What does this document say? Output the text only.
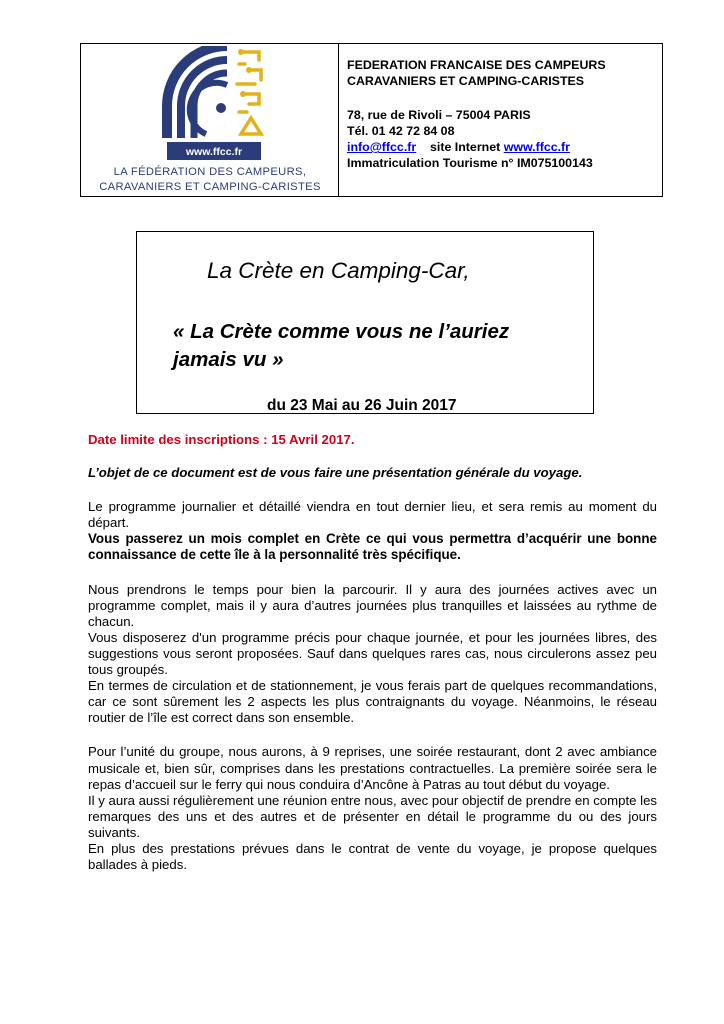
www.ffcc.fr
LA FÉDÉRATION DES CAMPEURS,
CARAVANIERS ET CAMPING-CARISTES
FEDERATION FRANCAISE DES CAMPEURS
CARAVANIERS ET CAMPING-CARISTES
78, rue de Rivoli – 75004 PARIS
Tél. 01 42 72 84 08
info@ffcc.fr site Internet www.ffcc.fr
Immatriculation Tourisme n° IM075100143
La Crète en Camping-Car,
« La Crète comme vous ne l’auriez jamais vu »
du 23 Mai au 26 Juin 2017

Date limite des inscriptions : 15 Avril 2017.

L’objet de ce document est de vous faire une présentation générale du voyage.

Le programme journalier et détaillé viendra en tout dernier lieu, et sera remis au moment du départ.

Vous passerez un mois complet en Crète ce qui vous permettra d’acquérir une bonne connaissance de cette île à la personnalité très spécifique.

Nous prendrons le temps pour bien la parcourir. Il y aura des journées actives avec un programme complet, mais il y aura d’autres journées plus tranquilles et laissées au rythme de chacun.

Vous disposerez d'un programme précis pour chaque journée, et pour les journées libres, des suggestions vous seront proposées. Sauf dans quelques rares cas, nous circulerons assez peu tous groupés.

En termes de circulation et de stationnement, je vous ferais part de quelques recommandations, car ce sont sûrement les 2 aspects les plus contraignants du voyage. Néanmoins, le réseau routier de l’île est correct dans son ensemble.

Pour l’unité du groupe, nous aurons, à 9 reprises, une soirée restaurant, dont 2 avec ambiance musicale et, bien sûr, comprises dans les prestations contractuelles. La première soirée sera le repas d’accueil sur le ferry qui nous conduira d’Ancône à Patras au tout début du voyage.

Il y aura aussi régulièrement une réunion entre nous, avec pour objectif de prendre en compte les remarques des uns et des autres et de présenter en détail le programme du ou des jours suivants.

En plus des prestations prévues dans le contrat de vente du voyage, je propose quelques ballades à pieds.
